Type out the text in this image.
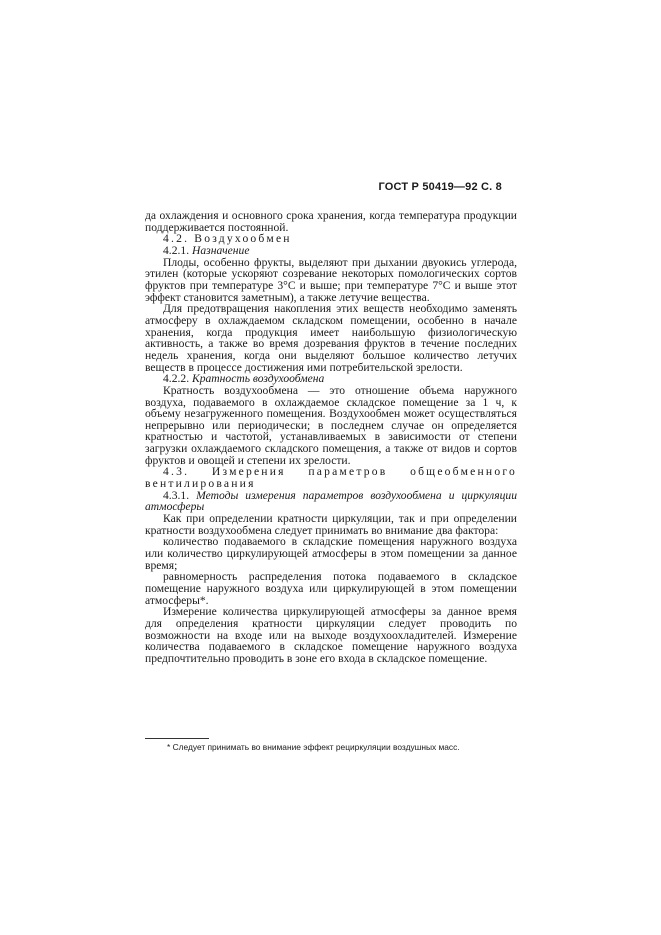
ГОСТ Р 50419—92 С. 8

да охлаждения и основного срока хранения, когда температура продукции поддерживается постоянной.

4.2. Воздухообмен

4.2.1. Назначение

Плоды, особенно фрукты, выделяют при дыхании двуокись углерода, этилен (которые ускоряют созревание некоторых помологических сортов фруктов при температуре 3°С и выше; при температуре 7°С и выше этот эффект становится заметным), а также летучие вещества.

Для предотвращения накопления этих веществ необходимо заменять атмосферу в охлаждаемом складском помещении, особенно в начале хранения, когда продукция имеет наибольшую физиологическую активность, а также во время дозревания фруктов в течение последних недель хранения, когда они выделяют большое количество летучих веществ в процессе достижения ими потребительской зрелости.

4.2.2. Кратность воздухообмена

Кратность воздухообмена — это отношение объема наружного воздуха, подаваемого в охлаждаемое складское помещение за 1 ч, к объему незагруженного помещения. Воздухообмен может осуществляться непрерывно или периодически; в последнем случае он определяется кратностью и частотой, устанавливаемых в зависимости от степени загрузки охлаждаемого складского помещения, а также от видов и сортов фруктов и овощей и степени их зрелости.

4.3. Измерения параметров общеобменного вентилирования

4.3.1. Методы измерения параметров воздухообмена и циркуляции атмосферы

Как при определении кратности циркуляции, так и при определении кратности воздухообмена следует принимать во внимание два фактора:

количество подаваемого в складские помещения наружного воздуха или количество циркулирующей атмосферы в этом помещении за данное время;

равномерность распределения потока подаваемого в складское помещение наружного воздуха или циркулирующей в этом помещении атмосферы*.

Измерение количества циркулирующей атмосферы за данное время для определения кратности циркуляции следует проводить по возможности на входе или на выходе воздухоохладителей. Измерение количества подаваемого в складское помещение наружного воздуха предпочтительно проводить в зоне его входа в складское помещение.

* Следует принимать во внимание эффект рециркуляции воздушных масс.
